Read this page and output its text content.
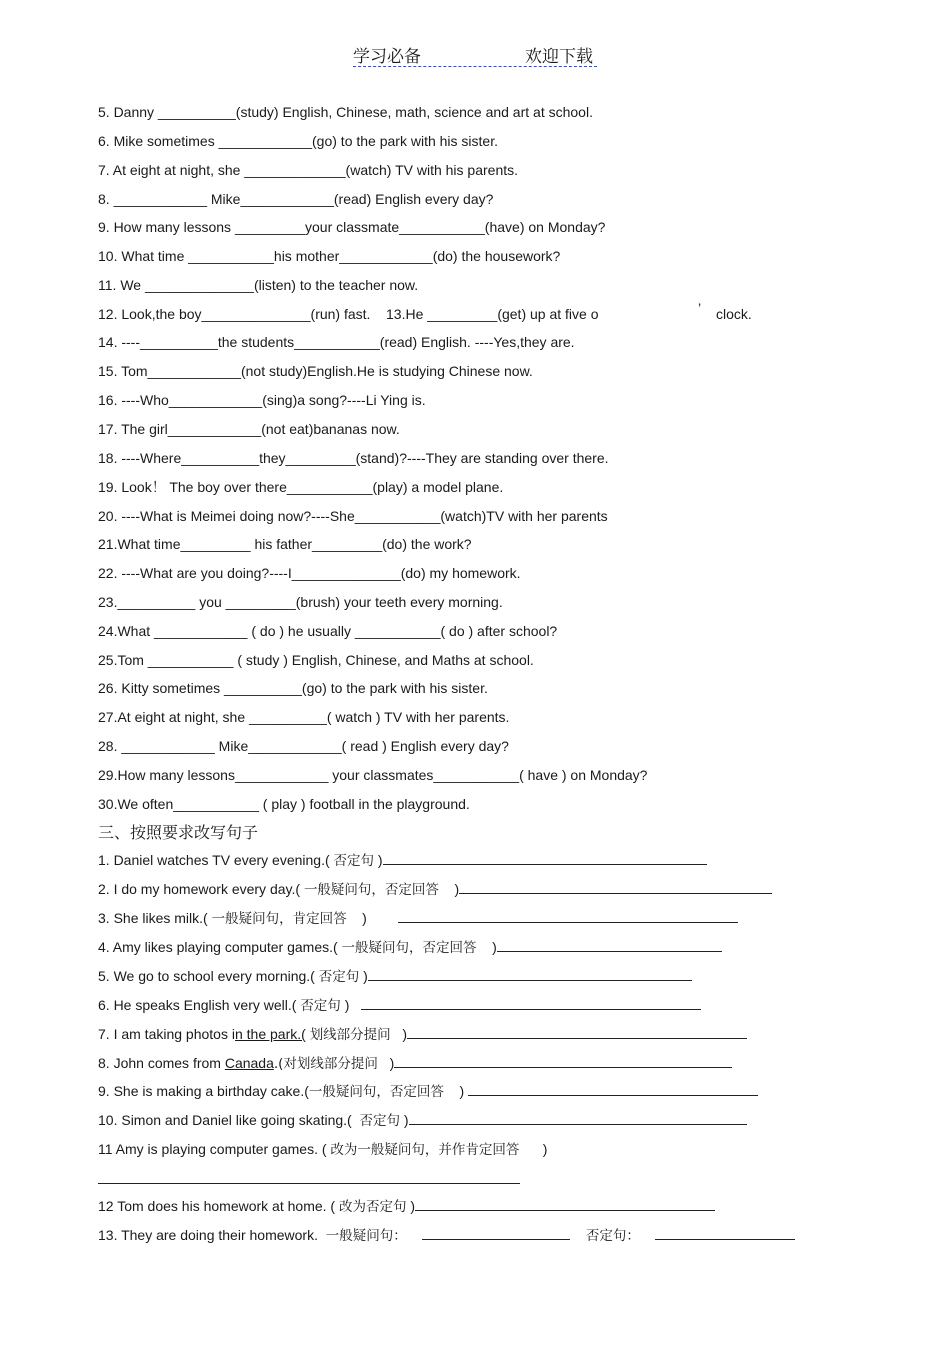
学习必备	欢迎下载
5. Danny __________(study) English, Chinese, math, science and art at school.
6. Mike sometimes ____________(go) to the park with his sister.
7. At eight at night, she _____________(watch) TV with his parents.
8. ____________ Mike____________(read) English every day?
9. How many lessons _________your classmate___________(have) on Monday?
10. What time ___________his mother____________(do) the housework?
11. We ______________(listen) to the teacher now.
12. Look,the boy______________(run) fast.    13.He _________(get) up at five o	’ clock.
14. ----__________the students___________(read) English. ----Yes,they are.
15. Tom____________(not study)English.He is studying Chinese now.
16. ----Who____________(sing)a song?----Li Ying is.
17. The girl____________(not eat)bananas now.
18. ----Where__________they_________(stand)?----They are standing over there.
19. Look！ The boy over there___________(play) a model plane.
20. ----What is Meimei doing now?----She___________(watch)TV with her parents
21.What time_________ his father_________(do) the work?
22. ----What are you doing?----I______________(do) my homework.
23.__________ you _________(brush) your teeth every morning.
24.What ____________ ( do ) he usually ___________( do ) after school?
25.Tom ___________ ( study ) English, Chinese, and Maths at school.
26. Kitty sometimes __________(go) to the park with his sister.
27.At eight at night, she __________( watch ) TV with her parents.
28. ____________ Mike____________( read ) English every day?
29.How many lessons____________ your classmates___________( have ) on Monday?
30.We often___________ ( play ) football in the playground.
三、按照要求改写句子
1. Daniel watches TV every evening.( 否定句 )
2. I do my homework every day.( 一般疑问句，否定回答 )
3. She likes milk.( 一般疑问句，肯定回答 )
4. Amy likes playing computer games.( 一般疑问句，否定回答 )
5. We go to school every morning.( 否定句 )
6. He speaks English very well.( 否定句 )
7. I am taking photos in the park.( 划线部分提问 )
8. John comes from Canada.(对划线部分提问 )
9. She is making a birthday cake.(一般疑问句，否定回答 )
10. Simon and Daniel like going skating.( 否定句 )
11 Amy is playing computer games. ( 改为一般疑问句，并作肯定回答 )
12 Tom does his homework at home. ( 改为否定句 )
13. They are doing their homework. 一般疑问句：	否定句：
